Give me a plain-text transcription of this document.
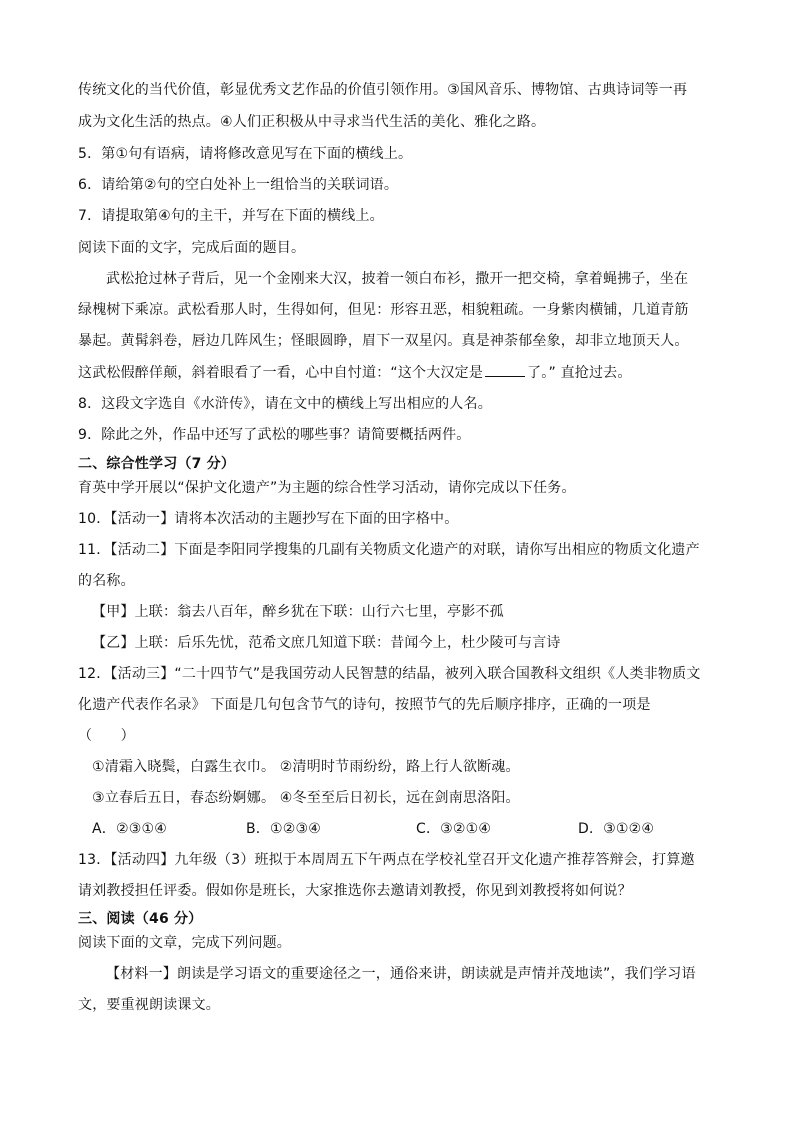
传统文化的当代价值，彰显优秀文艺作品的价值引领作用。③国风音乐、博物馆、古典诗词等一再
成为文化生活的热点。④人们正积极从中寻求当代生活的美化、雅化之路。
5．第①句有语病，请将修改意见写在下面的横线上。
6．请给第②句的空白处补上一组恰当的关联词语。
7．请提取第④句的主干，并写在下面的横线上。
阅读下面的文字，完成后面的题目。
武松抢过林子背后，见一个金刚来大汉，披着一领白布衫，撒开一把交椅，拿着蝇拂子，坐在
绿槐树下乘凉。武松看那人时，生得如何，但见：形容丑恶，相貌粗疏。一身紫肉横铺，几道青筋
暴起。黄髯斜卷，唇边几阵风生；怪眼圆睁，眉下一双星闪。真是神荼郁垒象，却非立地顶天人。
这武松假醉佯颠，斜着眼看了一看，心中自忖道：“这个大汉定是	了。” 直抢过去。
8．这段文字选自《水浒传》，请在文中的横线上写出相应的人名。
9．除此之外，作品中还写了武松的哪些事？请简要概括两件。
二、综合性学习（7 分）
育英中学开展以“保护文化遗产”为主题的综合性学习活动，请你完成以下任务。
10．【活动一】请将本次活动的主题抄写在下面的田字格中。
11．【活动二】下面是李阳同学搜集的几副有关物质文化遗产的对联，请你写出相应的物质文化遗产
的名称。
【甲】上联：翁去八百年，醉乡犹在下联：山行六七里，亭影不孤
【乙】上联：后乐先忧，范希文庶几知道下联：昔闻今上，杜少陵可与言诗
12．【活动三】“二十四节气”是我国劳动人民智慧的结晶，被列入联合国教科文组织《人类非物质文
化遗产代表作名录》 下面是几句包含节气的诗句，按照节气的先后顺序排序，正确的一项是
（　　）
①清霜入晓鬓，白露生衣巾。 ②清明时节雨纷纷，路上行人欲断魂。
③立春后五日，春态纷婀娜。 ④冬至至后日初长，远在剑南思洛阳。
A．②③①④	B．①②③④	C．③②①④	D．③①②④
13．【活动四】九年级（3）班拟于本周周五下午两点在学校礼堂召开文化遗产推荐答辩会，打算邀
请刘教授担任评委。假如你是班长，大家推选你去邀请刘教授，你见到刘教授将如何说？
三、阅读（46 分）
阅读下面的文章，完成下列问题。
【材料一】朗读是学习语文的重要途径之一，通俗来讲，朗读就是声情并茂地读”，我们学习语
文，要重视朗读课文。
